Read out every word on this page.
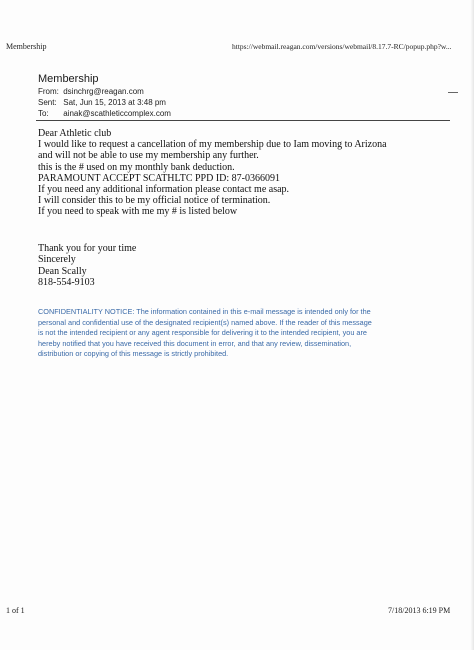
Membership	https://webmail.reagan.com/versions/webmail/8.17.7-RC/popup.php?w...
Membership
From: dsinchrg@reagan.com
Sent: Sat, Jun 15, 2013 at 3:48 pm
To: ainak@scathleticcomplex.com
Dear Athletic club
I would like to request a cancellation of my membership due to Iam moving to Arizona
and will not be able to use my membership any further.
this is the # used on my monthly bank deduction.
PARAMOUNT ACCEPT SCATHLTC PPD ID: 87-0366091
If you need any additional information please contact me asap.
I will consider this to be my official notice of termination.
If you need to speak with me my # is listed below
Thank you for your time
Sincerely
Dean Scally
818-554-9103
CONFIDENTIALITY NOTICE: The information contained in this e-mail message is intended only for the
personal and confidential use of the designated recipient(s) named above. If the reader of this message
is not the intended recipient or any agent responsible for delivering it to the intended recipient, you are
hereby notified that you have received this document in error, and that any review, dissemination,
distribution or copying of this message is strictly prohibited.
1 of 1	7/18/2013 6:19 PM
